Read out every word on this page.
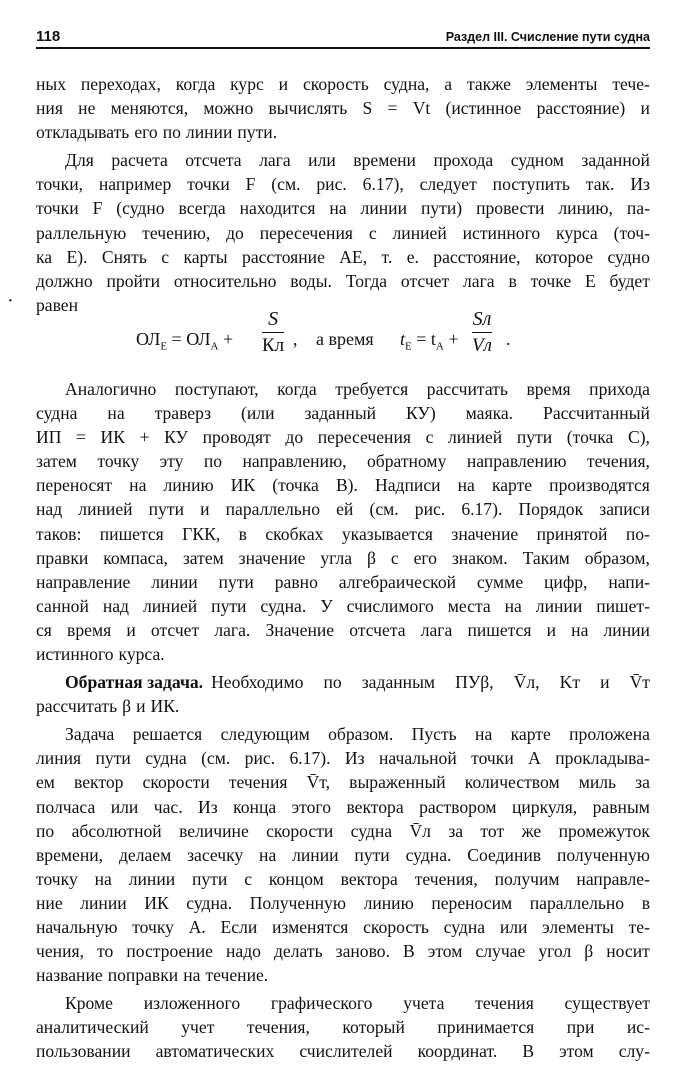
118	Раздел III. Счисление пути судна
·
ных переходах, когда курс и скорость судна, а также элементы тече-
ния не меняются, можно вычислять S = Vt (истинное расстояние) и
откладывать его по линии пути.
Для расчета отсчета лага или времени прохода судном заданной
точки, например точки F (см. рис. 6.17), следует поступить так. Из
точки F (судно всегда находится на линии пути) провести линию, па-
раллельную течению, до пересечения с линией истинного курса (точ-
ка E). Снять с карты расстояние AE, т. е. расстояние, которое судно
должно пройти относительно воды. Тогда отсчет лага в точке E будет
равен
$ОЛ_Е = ОЛ_А$ +
S
Кл , а время $t_Е = t_А$ +
Sл
Vл .
Аналогично поступают, когда требуется рассчитать время прихода
судна на траверз (или заданный КУ) маяка. Рассчитанный
ИП = ИК + КУ проводят до пересечения с линией пути (точка С),
затем точку эту по направлению, обратному направлению течения,
переносят на линию ИК (точка В). Надписи на карте производятся
над линией пути и параллельно ей (см. рис. 6.17). Порядок записи
таков: пишется ГКК, в скобках указывается значение принятой по-
правки компаса, затем значение угла β с его знаком. Таким образом,
направление линии пути равно алгебраической сумме цифр, напи-
санной над линией пути судна. У счислимого места на линии пишет-
ся время и отсчет лага. Значение отсчета лага пишется и на линии
истинного курса.
Обратная задача. Необходимо по заданным ПУβ, V̄л, Kт и V̄т
рассчитать β и ИК.
Задача решается следующим образом. Пусть на карте проложена
линия пути судна (см. рис. 6.17). Из начальной точки А прокладыва-
ем вектор скорости течения V̄т, выраженный количеством миль за
полчаса или час. Из конца этого вектора раствором циркуля, равным
по абсолютной величине скорости судна V̄л за тот же промежуток
времени, делаем засечку на линии пути судна. Соединив полученную
точку на линии пути с концом вектора течения, получим направле-
ние линии ИК судна. Полученную линию переносим параллельно в
начальную точку А. Если изменятся скорость судна или элементы те-
чения, то построение надо делать заново. В этом случае угол β носит
название поправки на течение.
Кроме изложенного графического учета течения существует
аналитический учет течения, который принимается при ис-
пользовании автоматических счислителей координат. В этом слу-
